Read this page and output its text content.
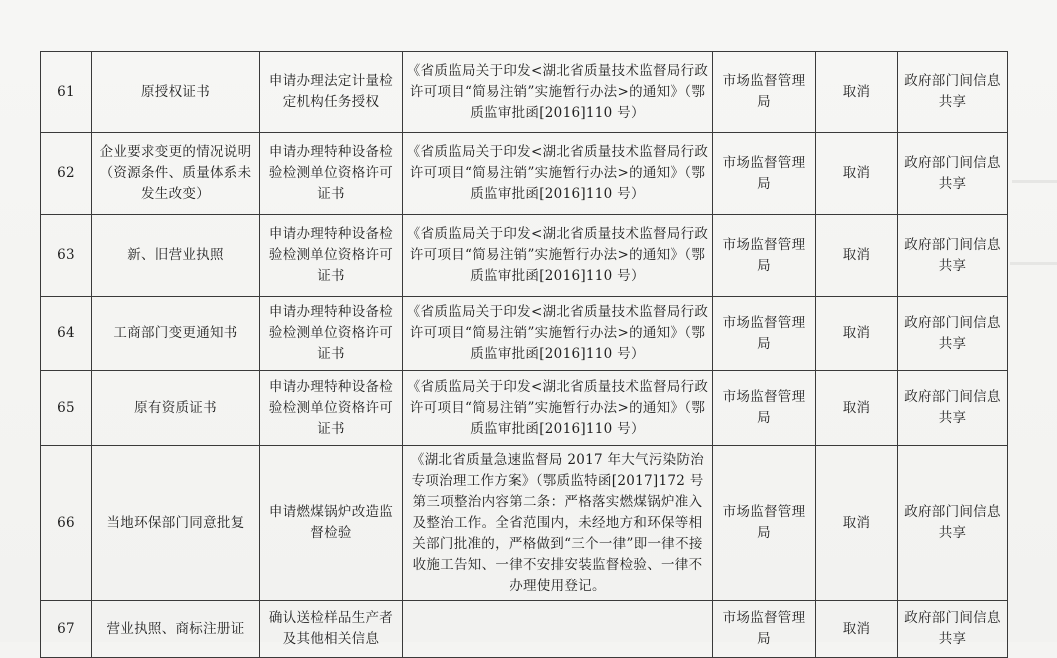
61	原授权证书	申请办理法定计量检定机构任务授权	《省质监局关于印发<湖北省质量技术监督局行政许可项目“简易注销”实施暂行办法>的通知》（鄂质监审批函[2016]110 号）	市场监督管理局	取消	政府部门间信息共享
62	企业要求变更的情况说明（资源条件、质量体系未发生改变）	申请办理特种设备检验检测单位资格许可证书	《省质监局关于印发<湖北省质量技术监督局行政许可项目“简易注销”实施暂行办法>的通知》（鄂质监审批函[2016]110 号）	市场监督管理局	取消	政府部门间信息共享
63	新、旧营业执照	申请办理特种设备检验检测单位资格许可证书	《省质监局关于印发<湖北省质量技术监督局行政许可项目“简易注销”实施暂行办法>的通知》（鄂质监审批函[2016]110 号）	市场监督管理局	取消	政府部门间信息共享
64	工商部门变更通知书	申请办理特种设备检验检测单位资格许可证书	《省质监局关于印发<湖北省质量技术监督局行政许可项目“简易注销”实施暂行办法>的通知》（鄂质监审批函[2016]110 号）	市场监督管理局	取消	政府部门间信息共享
65	原有资质证书	申请办理特种设备检验检测单位资格许可证书	《省质监局关于印发<湖北省质量技术监督局行政许可项目“简易注销”实施暂行办法>的通知》（鄂质监审批函[2016]110 号）	市场监督管理局	取消	政府部门间信息共享
66	当地环保部门同意批复	申请燃煤锅炉改造监督检验	《湖北省质量急速监督局 2017 年大气污染防治专项治理工作方案》（鄂质监特函[2017]172 号第三项整治内容第二条：严格落实燃煤锅炉准入及整治工作。全省范围内，未经地方和环保等相关部门批准的，严格做到“三个一律”即一律不接收施工告知、一律不安排安装监督检验、一律不办理使用登记。	市场监督管理局	取消	政府部门间信息共享
67	营业执照、商标注册证	确认送检样品生产者及其他相关信息		市场监督管理局	取消	政府部门间信息共享
